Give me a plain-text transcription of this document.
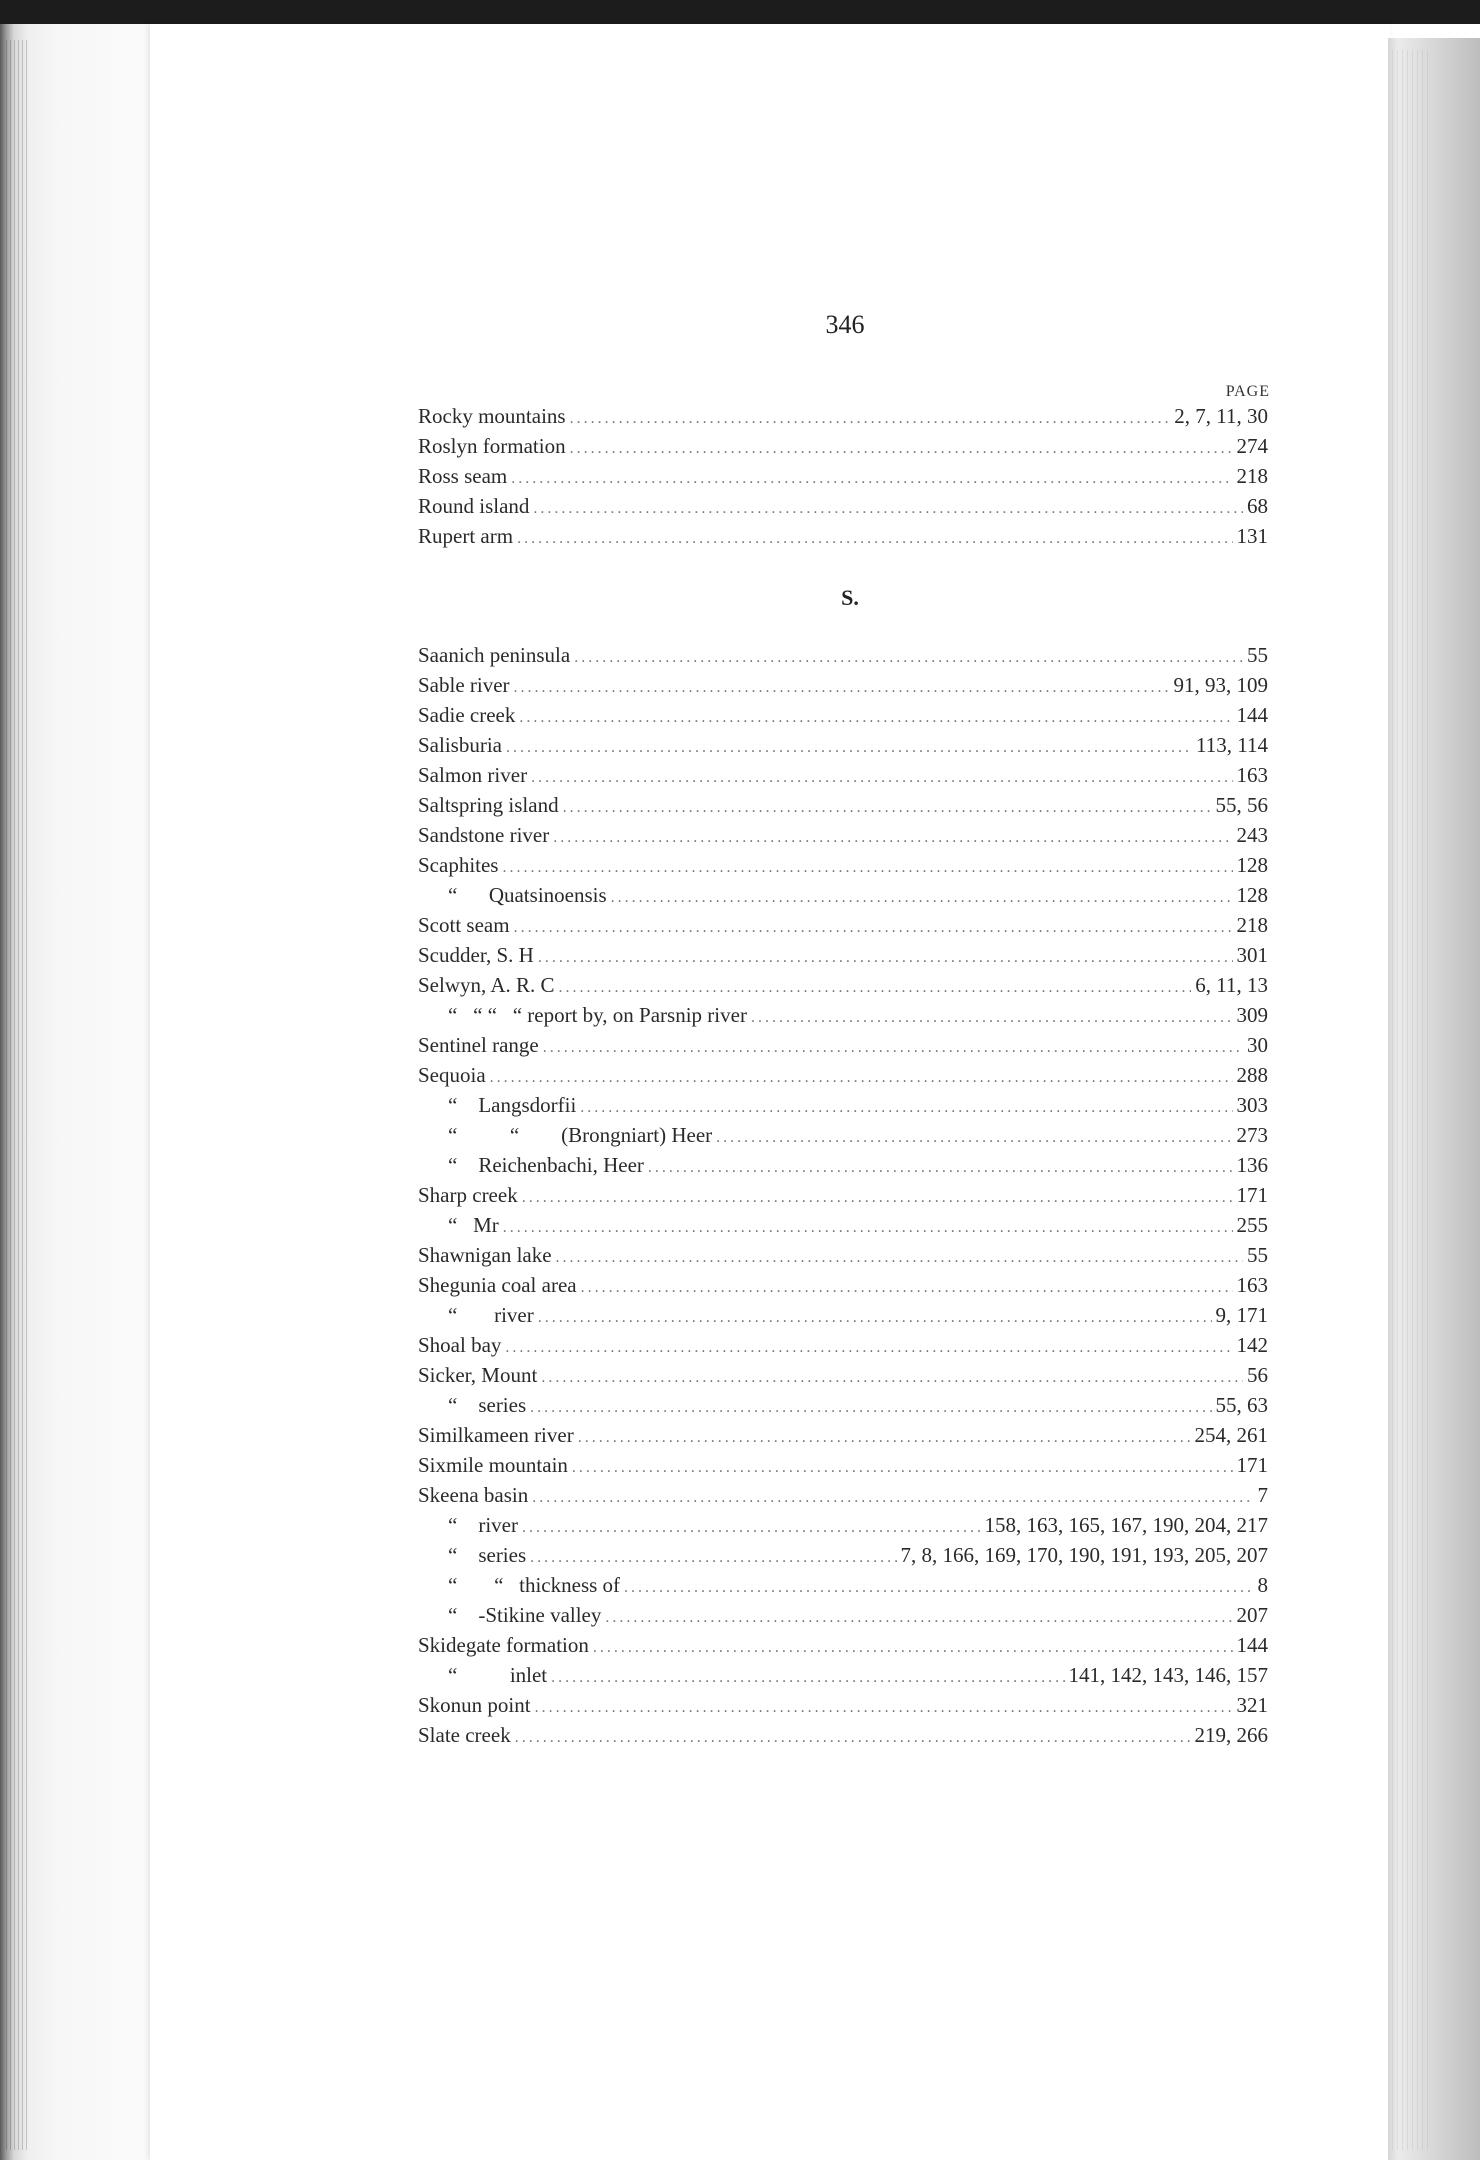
346
PAGE
Rocky mountains .....	2, 7, 11, 30
Roslyn formation .....	274
Ross seam .....	218
Round island .....	68
Rupert arm .....	131
S.
Saanich peninsula .....	55
Sable river .....	91, 93, 109
Sadie creek .....	144
Salisburia .....	113, 114
Salmon river .....	163
Saltspring island .....	55, 56
Sandstone river .....	243
Scaphites .....	128
“      Quatsinoensis .....	128
Scott seam .....	218
Scudder, S. H .....	301
Selwyn, A. R. C .....	6, 11, 13
“   “ “   “ report by, on Parsnip river .....	309
Sentinel range .....	30
Sequoia .....	288
“    Langsdorfii .....	303
“          “        (Brongniart) Heer .....	273
“    Reichenbachi, Heer .....	136
Sharp creek .....	171
“   Mr .....	255
Shawnigan lake .....	55
Shegunia coal area .....	163
“       river .....	9, 171
Shoal bay .....	142
Sicker, Mount .....	56
“    series .....	55, 63
Similkameen river .....	254, 261
Sixmile mountain .....	171
Skeena basin .....	7
“    river .....	158, 163, 165, 167, 190, 204, 217
“    series .....	7, 8, 166, 169, 170, 190, 191, 193, 205, 207
“       “   thickness of .....	8
“    -Stikine valley .....	207
Skidegate formation .....	144
“          inlet .....	141, 142, 143, 146, 157
Skonun point .....	321
Slate creek .....	219, 266
